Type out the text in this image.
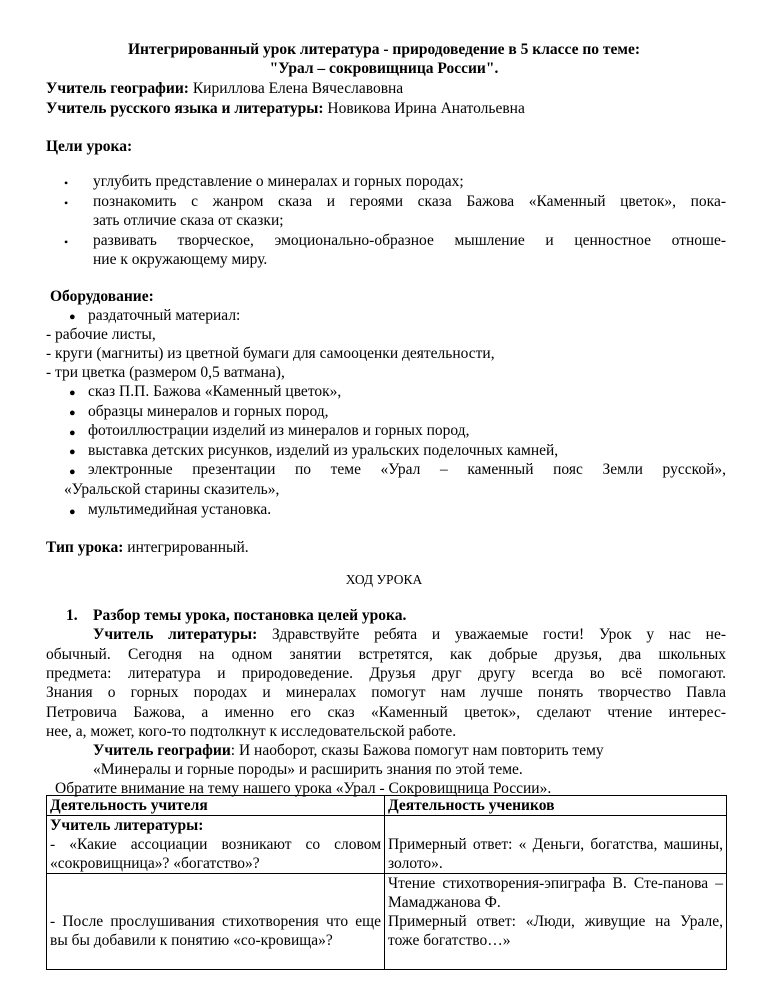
Интегрированный урок литература - природоведение в 5 классе по теме:
"Урал – сокровищница России".
Учитель географии: Кириллова Елена Вячеславовна
Учитель русского языка и литературы: Новикова Ирина Анатольевна
Цели урока:
• углубить представление о минералах и горных породах;
• познакомить с жанром сказа и героями сказа Бажова «Каменный цветок», пока-
зать отличие сказа от сказки;
• развивать творческое, эмоционально-образное мышление и ценностное отноше-
ние к окружающему миру.
Оборудование:
● раздаточный материал:
- рабочие листы,
- круги (магниты) из цветной бумаги для самооценки деятельности,
- три цветка (размером 0,5 ватмана),
● сказ П.П. Бажова «Каменный цветок»,
● образцы минералов и горных пород,
● фотоиллюстрации изделий из минералов и горных пород,
● выставка детских рисунков, изделий из уральских поделочных камней,
● электронные презентации по теме «Урал – каменный пояс Земли русской»,
«Уральской старины сказитель»,
● мультимедийная установка.
Тип урока: интегрированный.
ХОД УРОКА
1. Разбор темы урока, постановка целей урока.
Учитель литературы: Здравствуйте ребята и уважаемые гости! Урок у нас не-
обычный. Сегодня на одном занятии встретятся, как добрые друзья, два школьных
предмета: литература и природоведение. Друзья друг другу всегда во всё помогают.
Знания о горных породах и минералах помогут нам лучше понять творчество Павла
Петровича Бажова, а именно его сказ «Каменный цветок», сделают чтение интерес-
нее, а, может, кого-то подтолкнут к исследовательской работе.
Учитель географии: И наоборот, сказы Бажова помогут нам повторить тему
«Минералы и горные породы» и расширить знания по этой теме.
Обратите внимание на тему нашего урока «Урал - Сокровищница России».
Деятельность учителя	Деятельность учеников

Учитель литературы:
- «Какие ассоциации возникают со словом «сокровищница»? «богатство»?	Примерный ответ: « Деньги, богатства, машины, золото».

- После прослушивания стихотворения что еще вы бы добавили к понятию «со-кровища»?	Чтение стихотворения-эпиграфа В. Сте-панова – Мамаджанова Ф.
Примерный ответ: «Люди, живущие на Урале, тоже богатство…»
